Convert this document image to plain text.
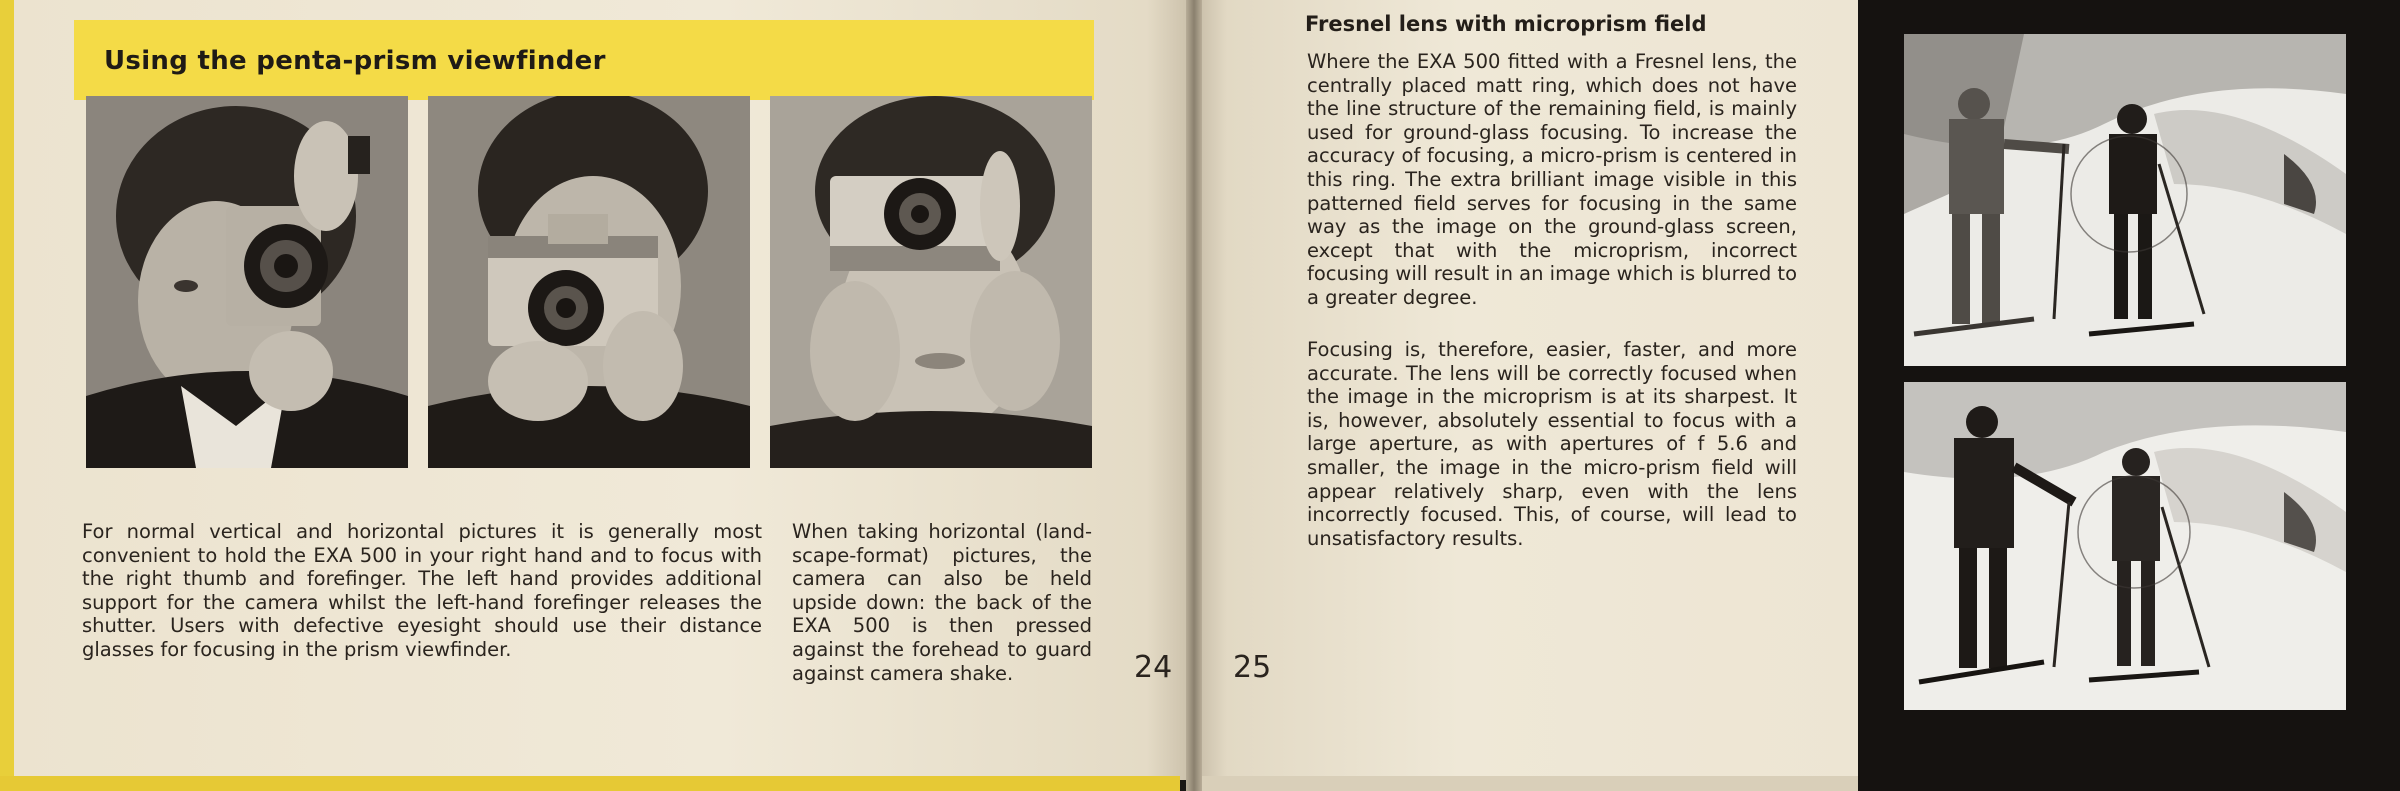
Using the penta-prism viewfinder

For normal vertical and horizontal pictures it is generally most convenient to hold the EXA 500 in your right hand and to focus with the right thumb and forefinger. The left hand provides additional support for the camera whilst the left-hand forefinger releases the shutter. Users with defective eyesight should use their distance glasses for focusing in the prism viewfinder.

When taking horizontal (land-scape-format) pictures, the camera can also be held upside down: the back of the EXA 500 is then pressed against the forehead to guard against camera shake.	24 25
Fresnel lens with microprism field

Where the EXA 500 fitted with a Fresnel lens, the centrally placed matt ring, which does not have the line structure of the remaining field, is mainly used for ground-glass focusing. To increase the accuracy of focusing, a micro-prism is centered in this ring. The extra brilliant image visible in this patterned field serves for focusing in the same way as the image on the ground-glass screen, except that with the microprism, incorrect focusing will result in an image which is blurred to a greater degree.

Focusing is, therefore, easier, faster, and more accurate. The lens will be correctly focused when the image in the microprism is at its sharpest. It is, however, absolutely essential to focus with a large aperture, as with apertures of f 5.6 and smaller, the image in the micro-prism field will appear relatively sharp, even with the lens incorrectly focused. This, of course, will lead to unsatisfactory results.
